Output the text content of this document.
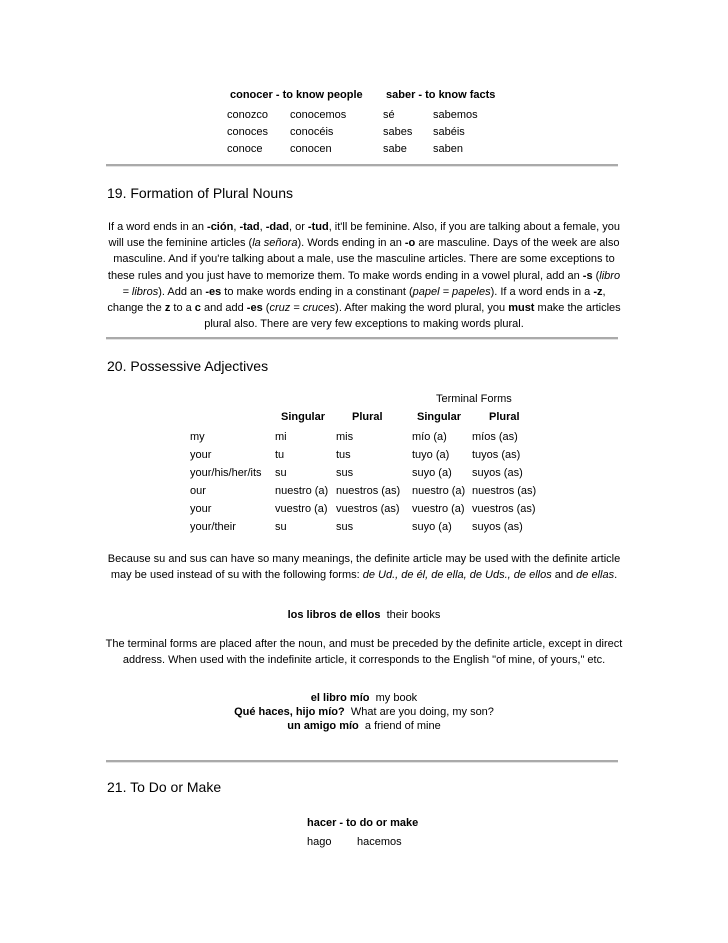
conocer - to know people saber - to know facts
conozco conocemos	sé	sabemos
conoces conocéis	sabes sabéis
conoce	conocen	sabe saben
19. Formation of Plural Nouns
If a word ends in an -ción, -tad, -dad, or -tud, it'll be feminine. Also, if you are talking about a female, you will use the feminine articles (la señora). Words ending in an -o are masculine. Days of the week are also masculine. And if you're talking about a male, use the masculine articles. There are some exceptions to these rules and you just have to memorize them. To make words ending in a vowel plural, add an -s (libro = libros). Add an -es to make words ending in a constinant (papel = papeles). If a word ends in a -z, change the z to a c and add -es (cruz = cruces). After making the word plural, you must make the articles plural also. There are very few exceptions to making words plural.
20. Possessive Adjectives
Terminal Forms
Singular Plural	Singular	Plural
my	mi	mis	mío (a) míos (as)
your	tu	tus	tuyo (a) tuyos (as)
your/his/her/its su	sus	suyo (a) suyos (as)
our	nuestro (a) nuestros (as) nuestro (a) nuestros (as)
your	vuestro (a) vuestros (as) vuestro (a) vuestros (as)
your/their	su	sus	suyo (a) suyos (as)
Because su and sus can have so many meanings, the definite article may be used with the definite article may be used instead of su with the following forms: de Ud., de él, de ella, de Uds., de ellos and de ellas.
los libros de ellos their books
The terminal forms are placed after the noun, and must be preceded by the definite article, except in direct address. When used with the indefinite article, it corresponds to the English "of mine, of yours," etc.
el libro mío my book
Qué haces, hijo mío? What are you doing, my son?
un amigo mío a friend of mine
21. To Do or Make
hacer - to do or make
hago hacemos
